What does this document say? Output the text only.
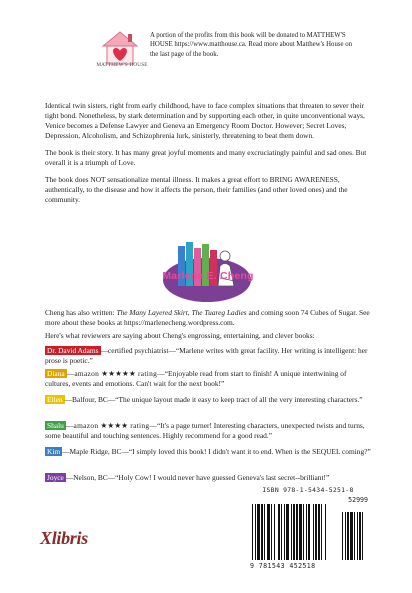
MATTHEW'S HOUSE
A portion of the profits from this book will be donated to MATTHEW'S HOUSE https://www.matthouse.ca. Read more about Matthew's House on the last page of the book.

Identical twin sisters, right from early childhood, have to face complex situations that threaten to sever their tight bond. Nonetheless, by stark determination and by supporting each other, in quite unconventional ways, Venice becomes a Defense Lawyer and Geneva an Emergency Room Doctor. However; Secret Loves, Depression, Alcoholism, and Schizophrenia lurk, sinisterly, threatening to beat them down.

The book is their story. It has many great joyful moments and many excruciatingly painful and sad ones. But overall it is a triumph of Love.

The book does NOT sensationalize mental illness. It makes a great effort to BRING AWARENESS, authentically, to the disease and how it affects the person, their families (and other loved ones) and the community.

Marlene E. Cheng
Cheng has also written: The Many Layered Skirt, The Tuareg Ladies and coming soon 74 Cubes of Sugar. See more about these books at https://marlenecheng.wordpress.com.
Here's what reviewers are saying about Cheng's engrossing, entertaining, and clever books:
Dr. David Adams —certified psychiatrist—“Marlene writes with great facility. Her writing is intelligent: her prose is poetic.”
Diana —amazon ★★★★★ rating—“Enjoyable read from start to finish! A unique intertwining of cultures, events and emotions. Can't wait for the next book!”
Ellen —Balfour, BC—“The unique layout made it easy to keep tract of all the very interesting characters.”
Shalu —amazon ★★★★ rating—“It's a page turner! Interesting characters, unexpected twists and turns, some beautiful and touching sentences. Highly recommend for a good read.”
Kim —Maple Ridge, BC—“I simply loved this book! I didn't want it to end. When is the SEQUEL coming?”
Joyce —Nelson, BC—“Holy Cow! I would never have guessed Geneva's last secret--brilliant!”
Xlibris
ISBN 978-1-5434-5251-8
52999
9 781543 452518
